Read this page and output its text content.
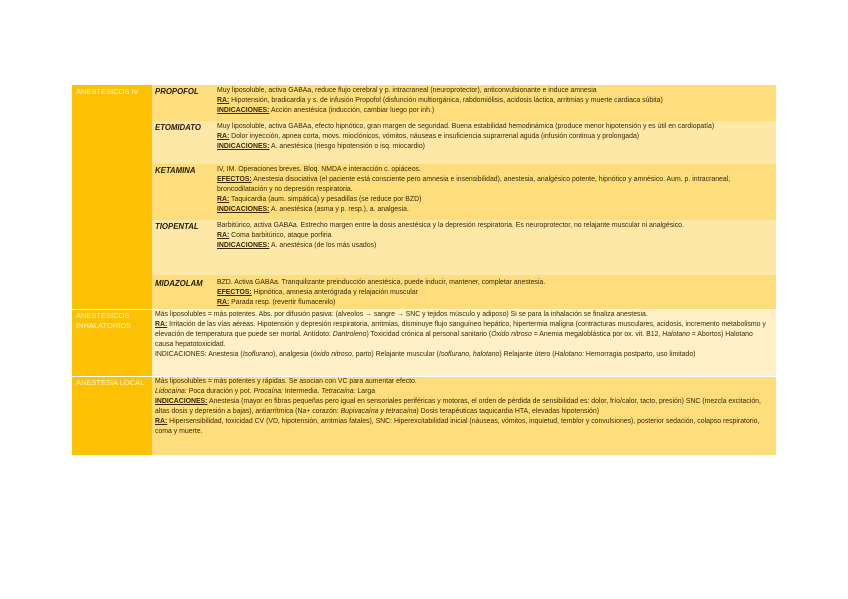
ANESTÉSICOS IV	PROPOFOL	Muy liposoluble, activa GABAa, reduce flujo cerebral y p. intracraneal (neuroprotector), anticonvulsionante e induce amnesia

RA: Hipotensión, bradicardia y s. de infusión Propofol (disfunción multiorgánica, rabdomiólisis, acidosis láctica, arritmias y muerte cardiaca súbita)

INDICACIONES: Acción anestésica (inducción, cambiar luego por inh.)

ETOMIDATO	Muy liposoluble, activa GABAa, efecto hipnótico, gran margen de seguridad. Buena estabilidad hemodinámica (produce menor hipotensión y es útil en cardiopatía)

RA: Dolor inyección, apnea corta, movs. mioclónicos, vómitos, náuseas e insuficiencia suprarrenal aguda (infusión continua y prolongada)

INDICACIONES: A. anestésica (riesgo hipotensión o isq. miocardio)

KETAMINA	IV, IM. Operaciones breves. Bloq. NMDA e interacción c. opiáceos.

EFECTOS: Anestesia disociativa (el paciente está consciente pero amnesia e insensibilidad), anestesia, analgésico potente, hipnótico y amnésico. Aum. p. intracraneal, broncodilatación y no depresión respiratoria.

RA: Taquicardia (aum. simpática) y pesadillas (se reduce por BZD)

INDICACIONES: A. anestésica (asma y p. resp.), a. analgesia.

TIOPENTAL	Barbitúrico, activa GABAa. Estrecho margen entre la dosis anestésica y la depresión respiratoria. Es neuroprotector, no relajante muscular ni analgésico.

RA: Coma barbitúrico, ataque porfiria

INDICACIONES: A. anestésica (de los más usados)

MIDAZOLAM	BZD. Activa GABAa. Tranquilizante preinducción anestésica, puede inducir, mantener, completar anestesia.

EFECTOS: Hipnótica, amnesia anterógrada y relajación muscular

RA: Parada resp. (revertir flumacenilo)

ANESTÉSICOS INHALATORIOS

Más liposolubles = más potentes. Abs. por difusión pasiva: (alveolos → sangre → SNC y tejidos músculo y adiposo) Si se para la inhalación se finaliza anestesia.

RA: Irritación de las vías aéreas. Hipotensión y depresión respiratoria, arritmias, disminuye flujo sanguíneo hepático, hipertermia maligna (contracturas musculares, acidosis, incremento metabolismo y elevación de temperatura que puede ser mortal. Antídoto: Dantroleno) Toxicidad crónica al personal sanitario (Óxido nitroso = Anemia megaloblástica por ox. vit. B12, Halotano = Abortos) Halotano causa hepatotoxicidad.

INDICACIONES: Anestesia (Isoflurano), analgesia (óxido nitroso, parto) Relajante muscular (Isoflurano, halotano) Relajante útero (Halotano: Hemorragia postparto, uso limitado)

ANESTESIA LOCAL	Más liposolubles = más potentes y rápidas. Se asocian con VC para aumentar efecto.

Lidocaína: Poca duración y pot. Procaína: Intermedia. Tetracaína: Larga

INDICACIONES: Anestesia (mayor en fibras pequeñas pero igual en sensoriales periféricas y motoras, el orden de pérdida de sensibilidad es: dolor, frío/calor, tacto, presión) SNC (mezcla excitación, altas dosis y depresión a bajas), antiarrítmica (Na+ corazón: Bupivacaína y tetracaína) Dosis terapéuticas taquicardia HTA, elevadas hipotensión)

RA: Hipersensibilidad, toxicidad CV (VD, hipotensión, arritmias fatales), SNC: Hiperexcitabilidad inicial (náuseas, vómitos, inquietud, temblor y convulsiones), posterior sedación, colapso respiratorio, coma y muerte.
